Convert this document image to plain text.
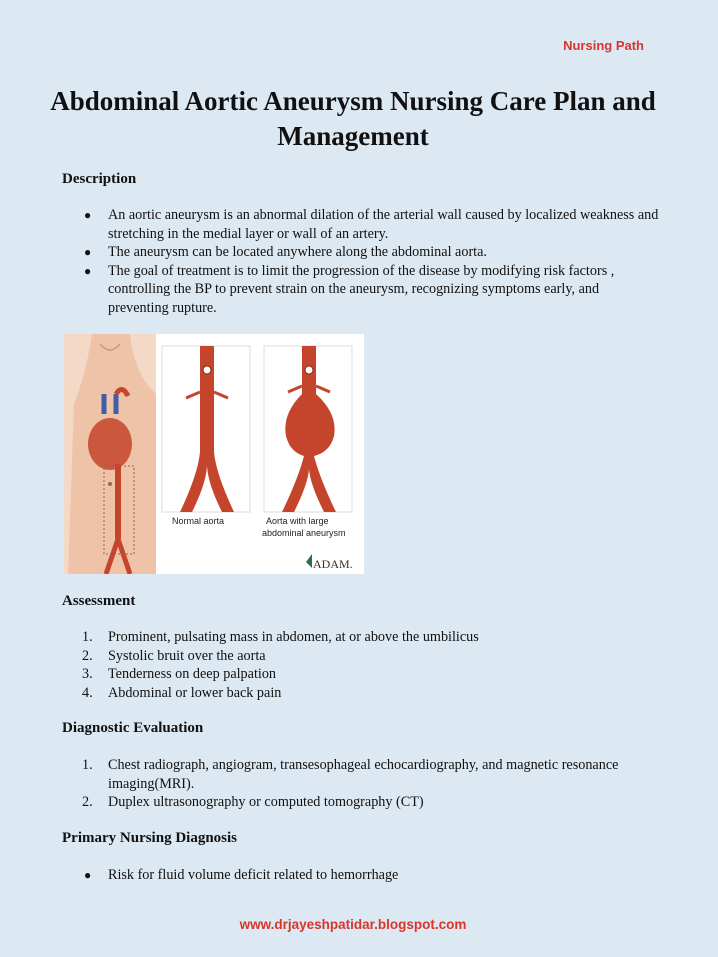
Nursing Path
Abdominal Aortic Aneurysm Nursing Care Plan and Management
Description
● An aortic aneurysm is an abnormal dilation of the arterial wall caused by localized weakness and stretching in the medial layer or wall of an artery.
● The aneurysm can be located anywhere along the abdominal aorta.
● The goal of treatment is to limit the progression of the disease by modifying risk factors , controlling the BP to prevent strain on the aneurysm, recognizing symptoms early, and preventing rupture.
Normal aorta	Aorta with large
abdominal aneurysm
ADAM.
Assessment
1. Prominent, pulsating mass in abdomen, at or above the umbilicus
2. Systolic bruit over the aorta
3. Tenderness on deep palpation
4. Abdominal or lower back pain
Diagnostic Evaluation
1. Chest radiograph, angiogram, transesophageal echocardiography, and magnetic resonance imaging(MRI).
2. Duplex ultrasonography or computed tomography (CT)
Primary Nursing Diagnosis
● Risk for fluid volume deficit related to hemorrhage
www.drjayeshpatidar.blogspot.com
